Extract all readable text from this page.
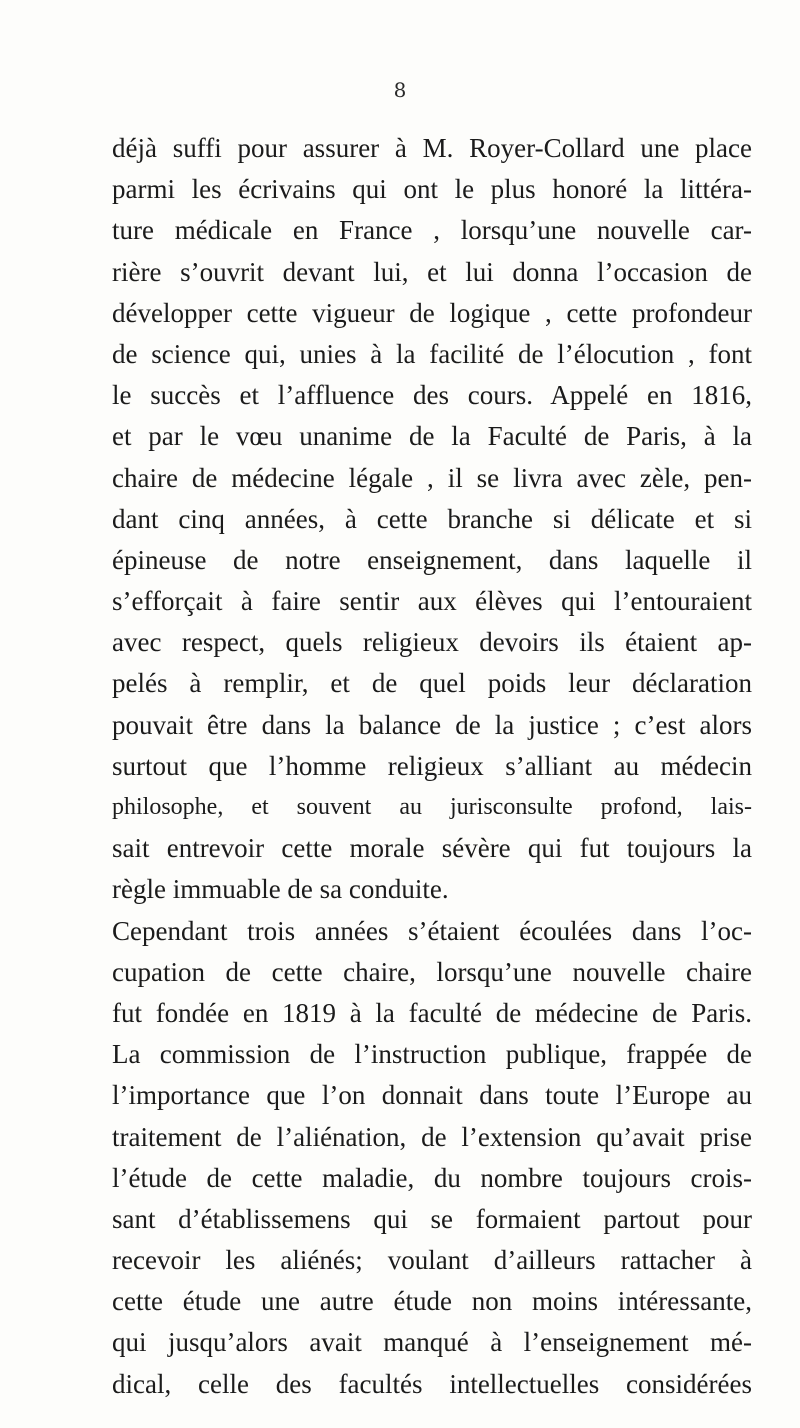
8
déjà suffi pour assurer à M. Royer-Collard une place
parmi les écrivains qui ont le plus honoré la littéra-
ture médicale en France , lorsqu’une nouvelle car-
rière s’ouvrit devant lui, et lui donna l’occasion de
développer cette vigueur de logique , cette profondeur
de science qui, unies à la facilité de l’élocution , font
le succès et l’affluence des cours. Appelé en 1816,
et par le vœu unanime de la Faculté de Paris, à la
chaire de médecine légale , il se livra avec zèle, pen-
dant cinq années, à cette branche si délicate et si
épineuse de notre enseignement, dans laquelle il
s’efforçait à faire sentir aux élèves qui l’entouraient
avec respect, quels religieux devoirs ils étaient ap-
pelés à remplir, et de quel poids leur déclaration
pouvait être dans la balance de la justice ; c’est alors
surtout que l’homme religieux s’alliant au médecin
philosophe, et souvent au jurisconsulte profond, lais-
sait entrevoir cette morale sévère qui fut toujours la
règle immuable de sa conduite.
Cependant trois années s’étaient écoulées dans l’oc-
cupation de cette chaire, lorsqu’une nouvelle chaire
fut fondée en 1819 à la faculté de médecine de Paris.
La commission de l’instruction publique, frappée de
l’importance que l’on donnait dans toute l’Europe au
traitement de l’aliénation, de l’extension qu’avait prise
l’étude de cette maladie, du nombre toujours crois-
sant d’établissemens qui se formaient partout pour
recevoir les aliénés; voulant d’ailleurs rattacher à
cette étude une autre étude non moins intéressante,
qui jusqu’alors avait manqué à l’enseignement mé-
dical, celle des facultés intellectuelles considérées
